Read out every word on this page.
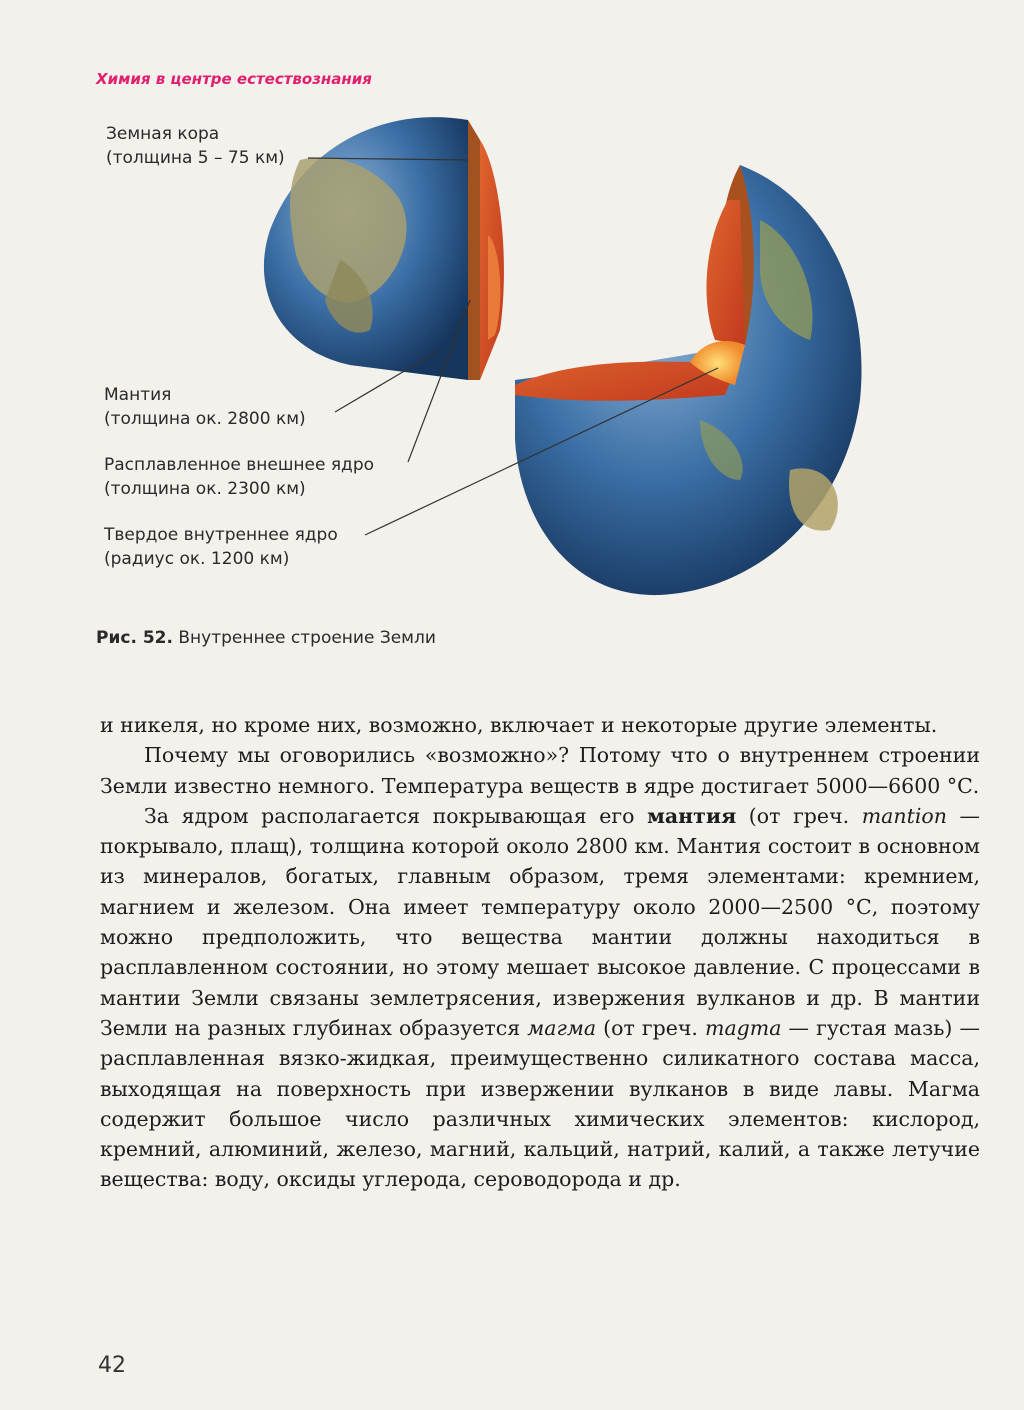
Химия в центре естествознания
Земная кора
(толщина 5 – 75 км)
Мантия
(толщина ок. 2800 км)
Расплавленное внешнее ядро
(толщина ок. 2300 км)
Твердое внутреннее ядро
(радиус ок. 1200 км)
Рис. 52. Внутреннее строение Земли

и никеля, но кроме них, возможно, включает и некоторые другие элементы.

Почему мы оговорились «возможно»? Потому что о внутреннем строении Земли известно немного. Температура веществ в ядре достигает 5000—6600 °С.

За ядром располагается покрывающая его мантия (от греч. mantion — покрывало, плащ), толщина которой около 2800 км. Мантия состоит в основном из минералов, богатых, главным образом, тремя элементами: кремнием, магнием и железом. Она имеет температуру около 2000—2500 °С, поэтому можно предположить, что вещества мантии должны находиться в расплавленном состоянии, но этому мешает высокое давление. С процессами в мантии Земли связаны землетрясения, извержения вулканов и др. В мантии Земли на разных глубинах образуется магма (от греч. magma — густая мазь) — расплавленная вязко-жидкая, преимущественно силикатного состава масса, выходящая на поверхность при извержении вулканов в виде лавы. Магма содержит большое число различных химических элементов: кислород, кремний, алюминий, железо, магний, кальций, натрий, калий, а также летучие вещества: воду, оксиды углерода, сероводорода и др.

42
